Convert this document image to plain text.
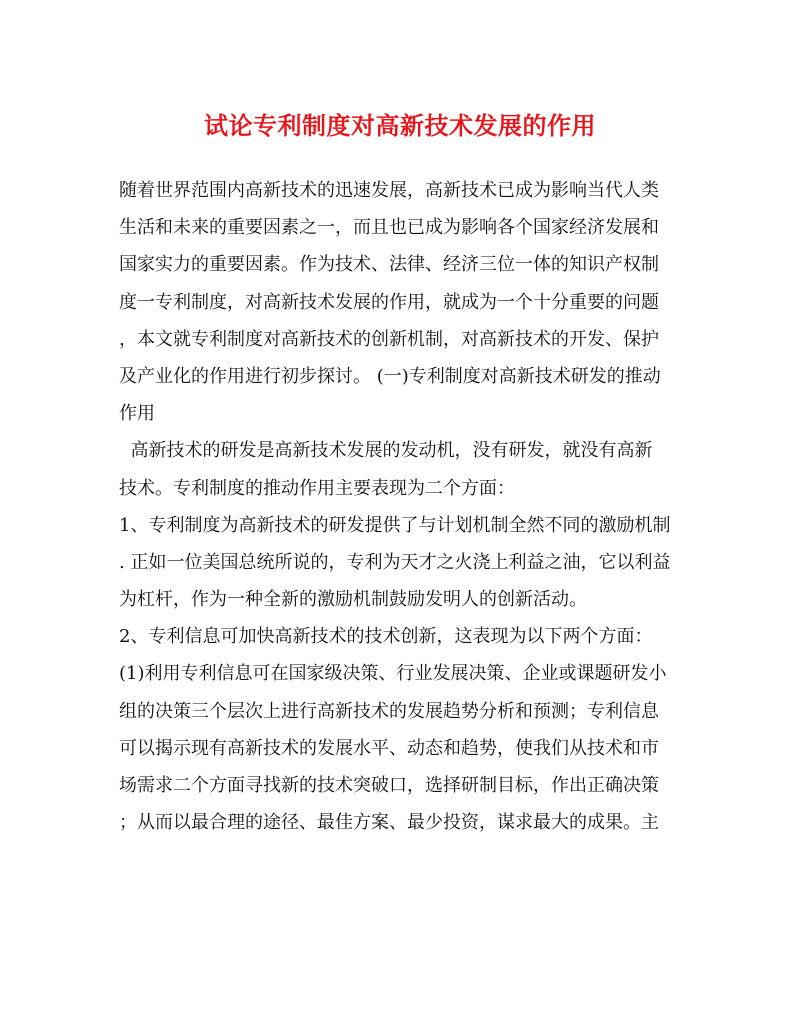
试论专利制度对高新技术发展的作用
随着世界范围内高新技术的迅速发展，高新技术已成为影响当代人类
生活和未来的重要因素之一，而且也已成为影响各个国家经济发展和
国家实力的重要因素。作为技术、法律、经济三位一体的知识产权制
度一专利制度，对高新技术发展的作用，就成为一个十分重要的问题
，本文就专利制度对高新技术的创新机制，对高新技术的开发、保护
及产业化的作用进行初步探讨。 (一)专利制度对高新技术研发的推动
作用
高新技术的研发是高新技术发展的发动机，没有研发，就没有高新
技术。专利制度的推动作用主要表现为二个方面：
1、专利制度为高新技术的研发提供了与计划机制全然不同的激励机制
. 正如一位美国总统所说的，专利为天才之火浇上利益之油，它以利益
为杠杆，作为一种全新的激励机制鼓励发明人的创新活动。
2、专利信息可加快高新技术的技术创新，这表现为以下两个方面：
(1)利用专利信息可在国家级决策、行业发展决策、企业或课题研发小
组的决策三个层次上进行高新技术的发展趋势分析和预测；专利信息
可以揭示现有高新技术的发展水平、动态和趋势，使我们从技术和市
场需求二个方面寻找新的技术突破口，选择研制目标，作出正确决策
；从而以最合理的途径、最佳方案、最少投资，谋求最大的成果。主
